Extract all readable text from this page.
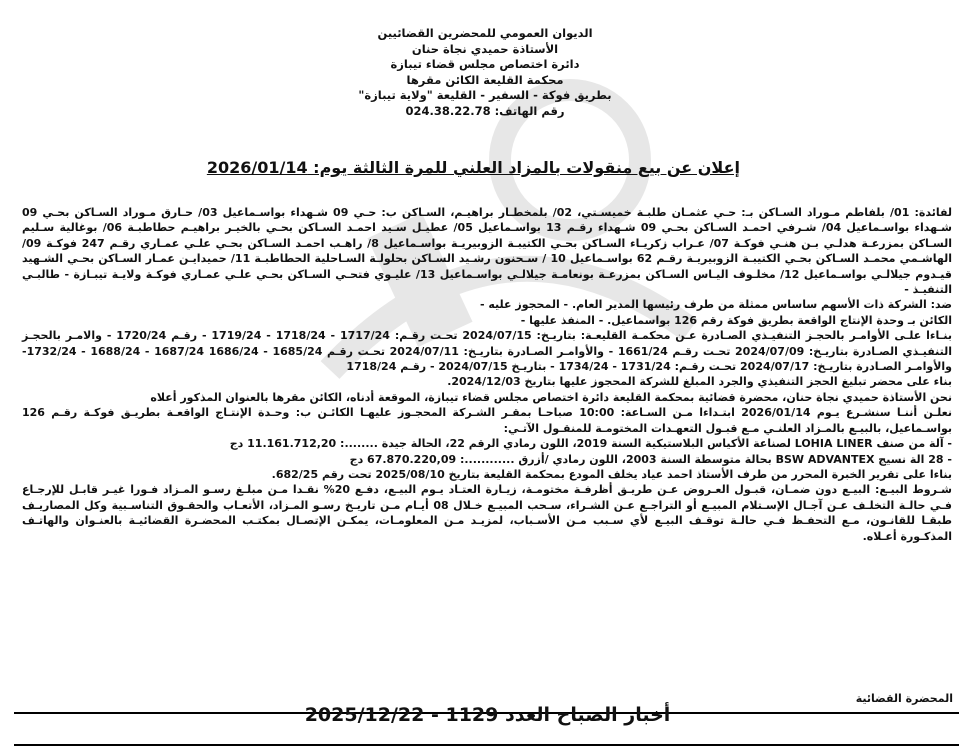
الديوان العمومي للمحضرين القضائيين
الأستاذة حميدي نجاة حنان
دائرة اختصاص مجلس قضاء تيبازة
محكمة القليعة الكائن مقرها
بطريق فوكة - السفير - القليعة "ولاية تيبازة"
رقم الهاتف: 024.38.22.78
إعلان عن بيع منقولات بالمزاد العلني للمرة الثالثة يوم: 2026/01/14

لفائدة: 01/ بلفاطم مـوراد السـاكن بـ: حـي عثمـان طلبـة خميسـتي، 02/ بلمخطـار براهيـم، السـاكن ب: حـي 09 شـهداء بواسـماعيل 03/ حـارق مـوراد السـاكن بحـي 09 شـهداء بواسـماعيل 04/ شـرفي احمـد السـاكن بحـي 09 شـهداء رقـم 13 بواسـماعيل 05/ عطيـل سـيد احمـد السـاكن بحـي بالخيـر براهيـم حطاطبـة 06/ بوغالية سـليم السـاكن بمزرعـة هدلـي بـن هنـي فوكـة 07/ عـراب زكريـاء السـاكن بحـي الكتيبـة الزوبيريـة بواسـماعيل 8/ راهـب احمـد السـاكن بحـي علـي عمـاري رقـم 247 فوكـة 09/ الهاشـمي محمـد السـاكن بحـي الكتيبـة الزوبيريـة رقـم 62 بواسـماعيل 10 / سـحنون رشـيد السـاكن بحلولـة السـاحلية الحطاطبـة 11/ حميدايـن عمـار السـاكن بحـي الشـهيد قيـدوم جيلالـي بواسـماعيل 12/ مخلـوف اليـاس السـاكن بمزرعـة بونعامـة جيلالـي بواسـماعيل 13/ عليـوي فتحـي السـاكن بحـي علـي عمـاري فوكـة ولايـة تيبـازة - طالبـي التنفيـذ -

ضد: الشركة ذات الأسهم ساساس ممثلة من طرف رئيسها المدير العام. - المحجوز عليه -

الكائن بـ وحدة الإنتاج الواقعة بطريق فوكة رقم 126 بواسماعيل. - المنفذ عليها -

بنـاءا علـى الأوامـر بالحجـز التنفيـذي الصـادرة عـن محكمـة القليعـة: بتاريـخ: 2024/07/15 تحـت رقـم: 1717/24 - 1718/24 - 1719/24 - رقـم 1720/24 - والامـر بالحجـز التنفيـذي الصـادرة بتاريـخ: 2024/07/09 تحـت رقـم 1661/24 - والأوامـر الصـادرة بتاريـخ: 2024/07/11 تحـت رقـم 1685/24 - 1686/24 1687/24 - 1688/24 - 1732/24- والأوامـر الصـادرة بتاريـخ: 2024/07/17 تحـت رقـم: 1731/24 - 1734/24 - بتاريـخ 2024/07/15 - رقـم 1718/24

بناء على محضر تبليغ الحجز التنفيذي والجرد المبلغ للشركة المحجوز عليها بتاريخ 2024/12/03.

نحن الأستاذة حميدي نجاة حنان، محضرة قضائية بمحكمة القليعة دائرة اختصاص مجلس قضاء تيبازة، الموقعة أدناه، الكائن مقرها بالعنوان المذكور أعلاه

نعلـن أننـا سنشـرع يـوم 2026/01/14 ابتـداءا مـن السـاعة: 10:00 صباحـا بمقـر الشـركة المحجـوز عليهـا الكائـن ب: وحـدة الإنتـاج الواقعـة بطريـق فوكـة رقـم 126 بواسـماعيل، بالبيـع بالمـزاد العلنـي مـع قبـول التعهـدات المختومـة للمنقـول الآتـي:

- آلة من صنف LOHIA LINER لصناعة الأكياس البلاستيكية السنة 2019، اللون رمادي الرقم 22، الحالة جيدة ........: 11.161.712,20 دج

- 28 الة نسيج BSW ADVANTEX بحالة متوسطة السنة 2003، اللون رمادي /أزرق ............: 67.870.220,09 دج

بناءا على تقرير الخبرة المحرر من طرف الأستاذ احمد عياد يخلف المودع بمحكمة القليعة بتاريخ 2025/08/10 تحت رقم 682/25.

شـروط البيـع: البيـع دون ضمـان، قبـول العـروض عـن طريـق أظرفـة مختومـة، زيـارة العتـاد يـوم البيـع، دفـع 20% نقـدا مـن مبلـغ رسـو المـزاد فـورا غيـر قابـل للإرجـاع فـي حالـة التخلـف عـن آجـال الإسـتلام المبيـع أو التراجـع عـن الشـراء، سـحب المبيـع خـلال 08 أيـام مـن تاريـخ رسـو المـزاد، الأتعـاب والحقـوق التناسـبية وكل المصاريـف طبقـا للقانـون، مـع التحفـظ فـي حالـة توقـف البيـع لأي سـبب مـن الأسـباب، لمزيـد مـن المعلومـات، يمكـن الإتصـال بمكتـب المحضـرة القضائيـة بالعنـوان والهاتـف المذكـورة أعـلاه.

المحضرة القضائية
أخبار الصباح العدد 1129 - 2025/12/22
